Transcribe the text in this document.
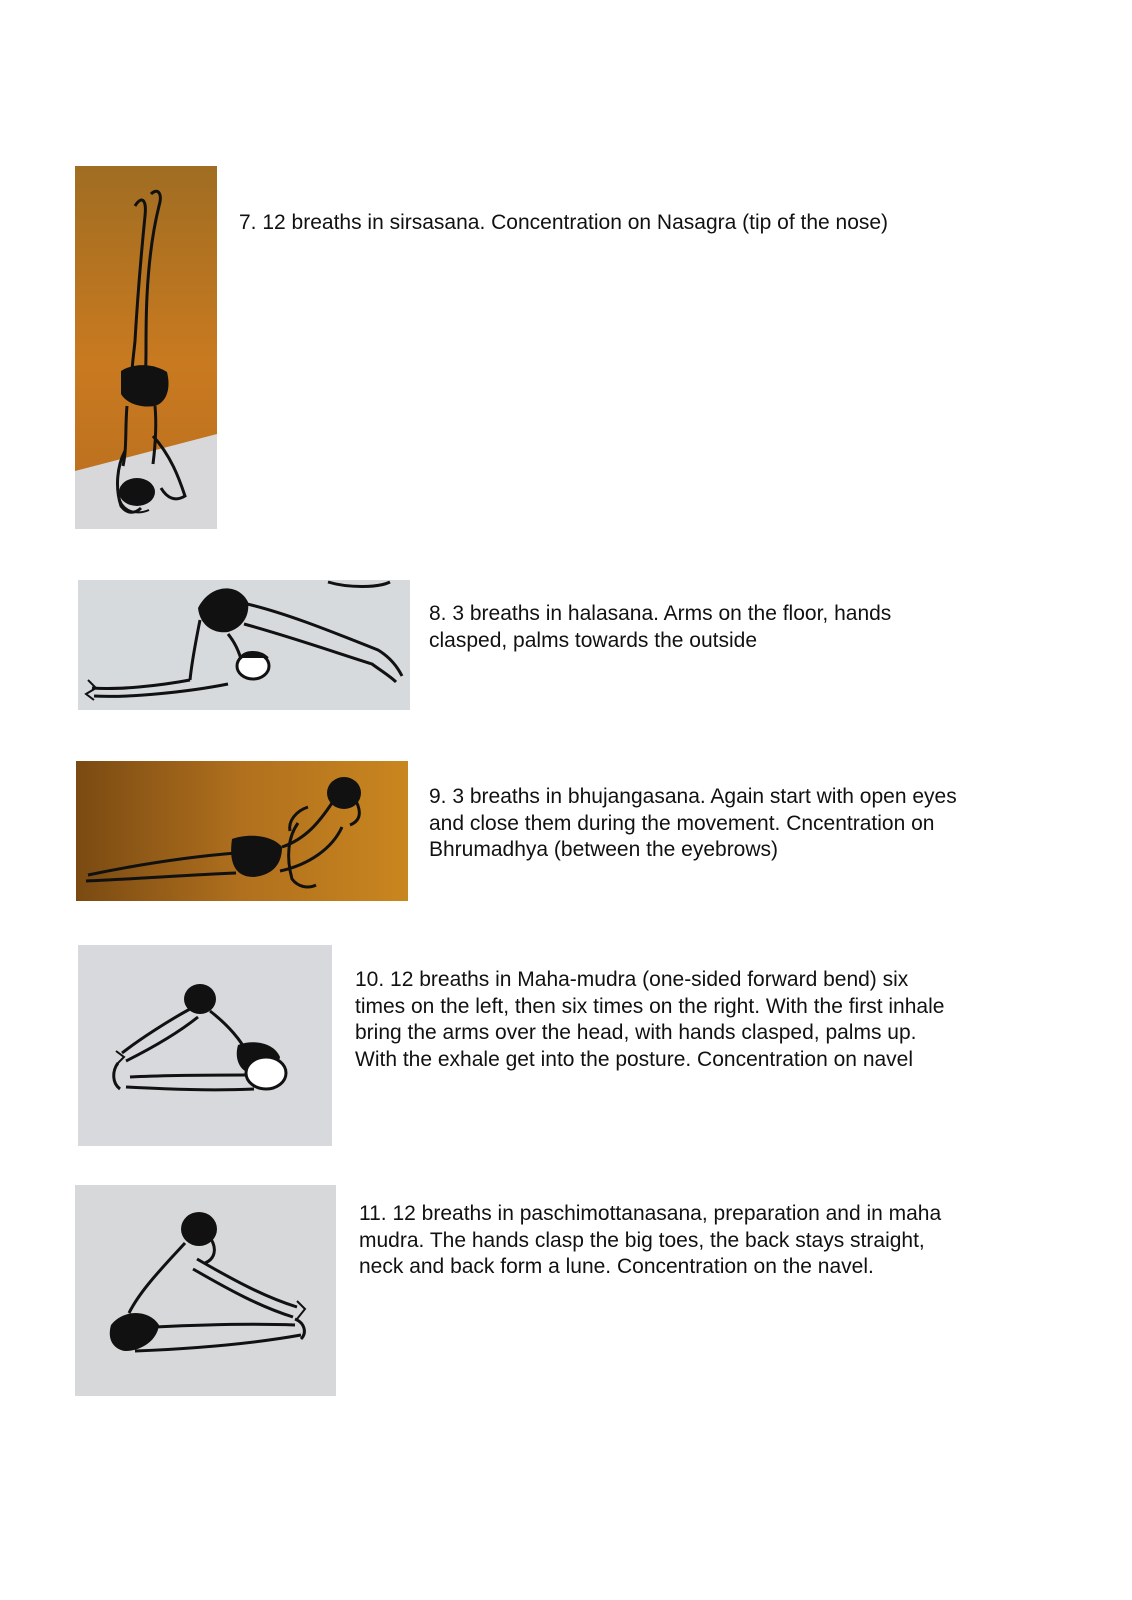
7. 12 breaths in sirsasana. Concentration on Nasagra (tip of the nose)

8. 3 breaths in halasana. Arms on the floor, hands
clasped, palms towards the outside

9. 3 breaths in bhujangasana. Again start with open eyes
and close them during the movement. Cncentration on
Bhrumadhya (between the eyebrows)

10. 12 breaths in Maha-mudra (one-sided forward bend) six
times on the left, then six times on the right. With the first inhale
bring the arms over the head, with hands clasped, palms up.
With the exhale get into the posture. Concentration on navel

11. 12 breaths in paschimottanasana, preparation and in maha
mudra. The hands clasp the big toes, the back stays straight,
neck and back form a lune. Concentration on the navel.
